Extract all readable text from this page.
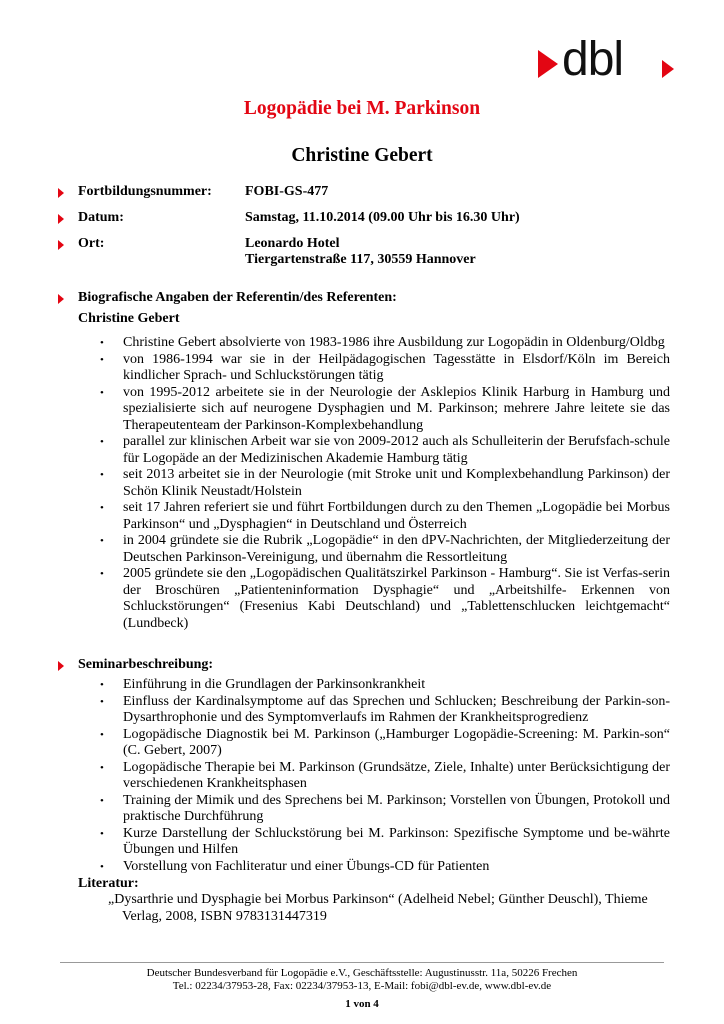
dbl
Logopädie bei M. Parkinson
Christine Gebert
Fortbildungsnummer: FOBI-GS-477
Datum:	Samstag, 11.10.2014 (09.00 Uhr bis 16.30 Uhr)
Ort:	Leonardo Hotel
Tiergartenstraße 117, 30559 Hannover
Biografische Angaben der Referentin/des Referenten:
Christine Gebert
• Christine Gebert absolvierte von 1983-1986 ihre Ausbildung zur Logopädin in Oldenburg/Oldbg
• von 1986-1994 war sie in der Heilpädagogischen Tagesstätte in Elsdorf/Köln im Bereich kindlicher Sprach- und Schluckstörungen tätig
• von 1995-2012 arbeitete sie in der Neurologie der Asklepios Klinik Harburg in Hamburg und spezialisierte sich auf neurogene Dysphagien und M. Parkinson; mehrere Jahre leitete sie das Therapeutenteam der Parkinson-Komplexbehandlung
• parallel zur klinischen Arbeit war sie von 2009-2012 auch als Schulleiterin der Berufsfach-schule für Logopäde an der Medizinischen Akademie Hamburg tätig
• seit 2013 arbeitet sie in der Neurologie (mit Stroke unit und Komplexbehandlung Parkinson) der Schön Klinik Neustadt/Holstein
• seit 17 Jahren referiert sie und führt Fortbildungen durch zu den Themen „Logopädie bei Morbus Parkinson“ und „Dysphagien“ in Deutschland und Österreich
• in 2004 gründete sie die Rubrik „Logopädie“ in den dPV-Nachrichten, der Mitgliederzeitung der Deutschen Parkinson-Vereinigung, und übernahm die Ressortleitung
• 2005 gründete sie den „Logopädischen Qualitätszirkel Parkinson - Hamburg“. Sie ist Verfas-serin der Broschüren „Patienteninformation Dysphagie“ und „Arbeitshilfe- Erkennen von Schluckstörungen“ (Fresenius Kabi Deutschland) und „Tablettenschlucken leichtgemacht“ (Lundbeck)
Seminarbeschreibung:
• Einführung in die Grundlagen der Parkinsonkrankheit
• Einfluss der Kardinalsymptome auf das Sprechen und Schlucken; Beschreibung der Parkin-son-Dysarthrophonie und des Symptomverlaufs im Rahmen der Krankheitsprogredienz
• Logopädische Diagnostik bei M. Parkinson („Hamburger Logopädie-Screening: M. Parkin-son“ (C. Gebert, 2007)
• Logopädische Therapie bei M. Parkinson (Grundsätze, Ziele, Inhalte) unter Berücksichtigung der verschiedenen Krankheitsphasen
• Training der Mimik und des Sprechens bei M. Parkinson; Vorstellen von Übungen, Protokoll und praktische Durchführung
• Kurze Darstellung der Schluckstörung bei M. Parkinson: Spezifische Symptome und be-währte Übungen und Hilfen
• Vorstellung von Fachliteratur und einer Übungs-CD für Patienten
Literatur:
„Dysarthrie und Dysphagie bei Morbus Parkinson“ (Adelheid Nebel; Günther Deuschl), Thieme
Verlag, 2008, ISBN 9783131447319
Deutscher Bundesverband für Logopädie e.V., Geschäftsstelle: Augustinusstr. 11a, 50226 Frechen
Tel.: 02234/37953-28, Fax: 02234/37953-13, E-Mail: fobi@dbl-ev.de, www.dbl-ev.de
1 von 4
